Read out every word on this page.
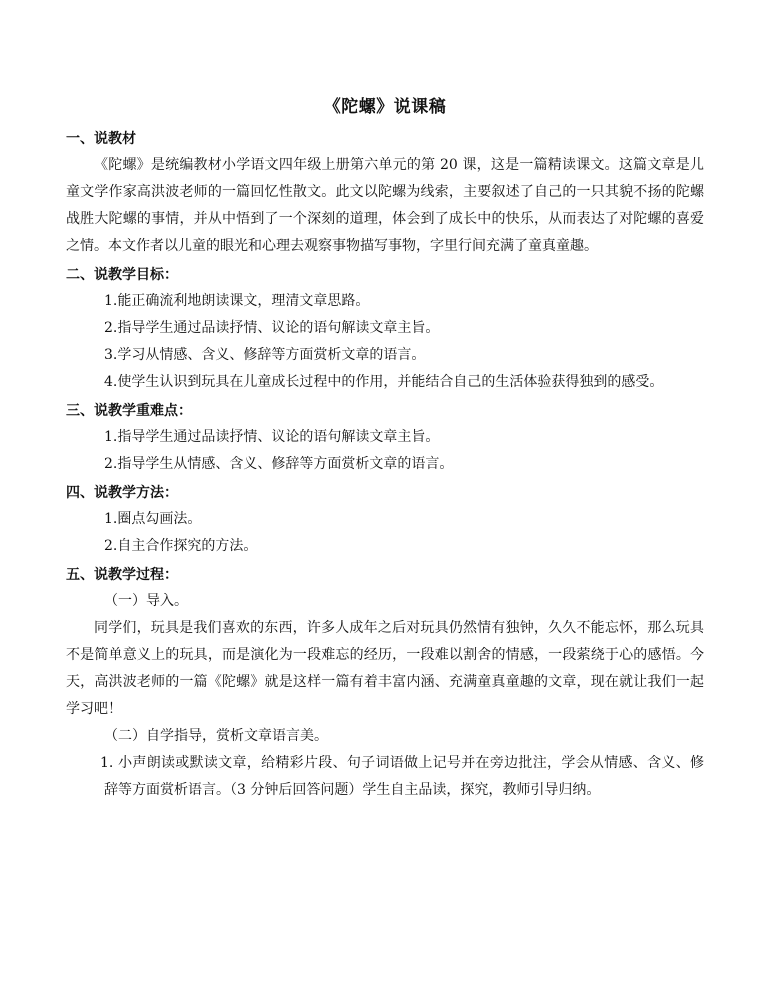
《陀螺》说课稿
一、说教材

《陀螺》是统编教材小学语文四年级上册第六单元的第 20 课，这是一篇精读课文。这篇文章是儿童文学作家高洪波老师的一篇回忆性散文。此文以陀螺为线索，主要叙述了自己的一只其貌不扬的陀螺战胜大陀螺的事情，并从中悟到了一个深刻的道理，体会到了成长中的快乐，从而表达了对陀螺的喜爱之情。本文作者以儿童的眼光和心理去观察事物描写事物，字里行间充满了童真童趣。

二、说教学目标：
1.能正确流利地朗读课文，理清文章思路。
2.指导学生通过品读抒情、议论的语句解读文章主旨。
3.学习从情感、含义、修辞等方面赏析文章的语言。

4.使学生认识到玩具在儿童成长过程中的作用，并能结合自己的生活体验获得独到的感受。

三、说教学重难点：
1.指导学生通过品读抒情、议论的语句解读文章主旨。
2.指导学生从情感、含义、修辞等方面赏析文章的语言。
四、说教学方法：
1.圈点勾画法。
2.自主合作探究的方法。
五、说教学过程：
（一）导入。

同学们，玩具是我们喜欢的东西，许多人成年之后对玩具仍然情有独钟，久久不能忘怀，那么玩具不是简单意义上的玩具，而是演化为一段难忘的经历，一段难以割舍的情感，一段萦绕于心的感悟。今天，高洪波老师的一篇《陀螺》就是这样一篇有着丰富内涵、充满童真童趣的文章，现在就让我们一起学习吧！

（二）自学指导，赏析文章语言美。

1. 小声朗读或默读文章，给精彩片段、句子词语做上记号并在旁边批注，学会从情感、含义、修辞等方面赏析语言。（3 分钟后回答问题）学生自主品读，探究，教师引导归纳。
